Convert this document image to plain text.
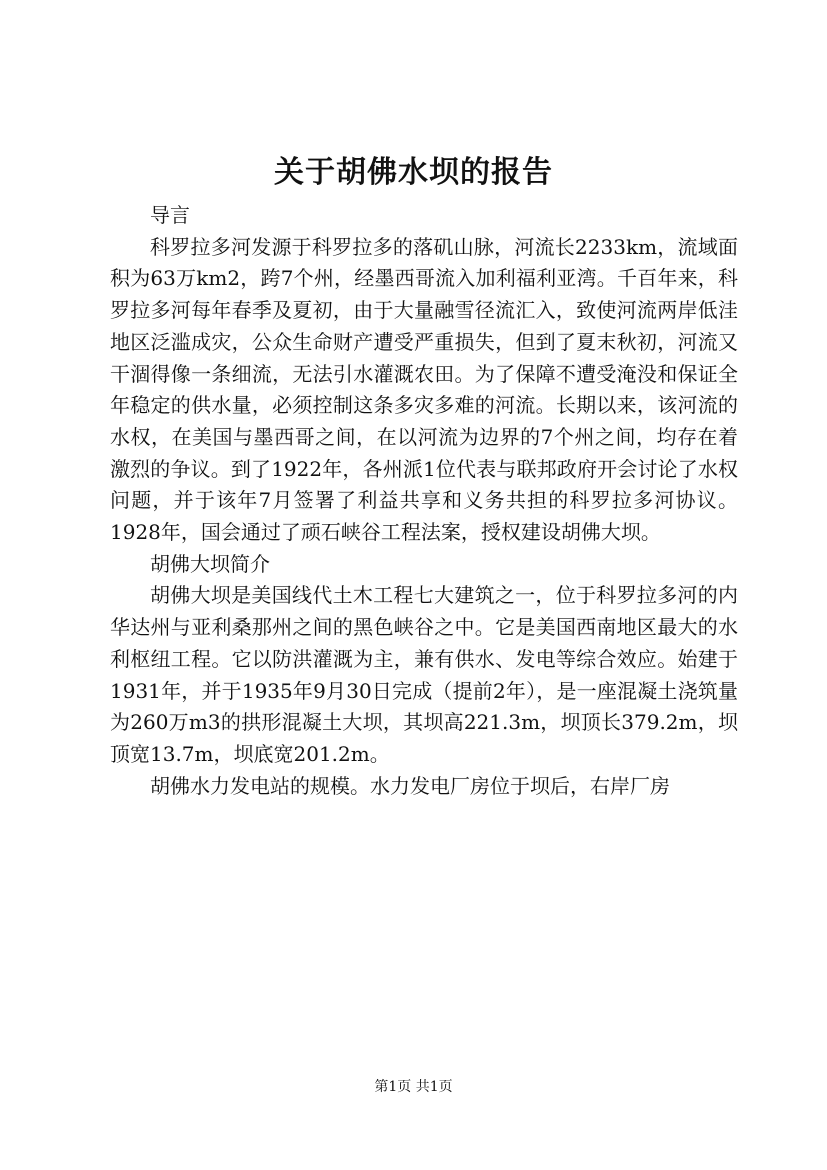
关于胡佛水坝的报告

导言

科罗拉多河发源于科罗拉多的落矶山脉，河流长2233km，流域面积为63万km2，跨7个州，经墨西哥流入加利福利亚湾。千百年来，科罗拉多河每年春季及夏初，由于大量融雪径流汇入，致使河流两岸低洼地区泛滥成灾，公众生命财产遭受严重损失，但到了夏末秋初，河流又干涸得像一条细流，无法引水灌溉农田。为了保障不遭受淹没和保证全年稳定的供水量，必须控制这条多灾多难的河流。长期以来，该河流的水权，在美国与墨西哥之间，在以河流为边界的7个州之间，均存在着激烈的争议。到了1922年，各州派1位代表与联邦政府开会讨论了水权问题，并于该年7月签署了利益共享和义务共担的科罗拉多河协议。1928年，国会通过了顽石峡谷工程法案，授权建设胡佛大坝。

胡佛大坝简介

胡佛大坝是美国线代土木工程七大建筑之一，位于科罗拉多河的内华达州与亚利桑那州之间的黑色峡谷之中。它是美国西南地区最大的水利枢纽工程。它以防洪灌溉为主，兼有供水、发电等综合效应。始建于1931年，并于1935年9月30日完成（提前2年），是一座混凝土浇筑量为260万m3的拱形混凝土大坝，其坝高221.3m，坝顶长379.2m，坝顶宽13.7m，坝底宽201.2m。

胡佛水力发电站的规模。水力发电厂房位于坝后，右岸厂房

第1页 共1页
